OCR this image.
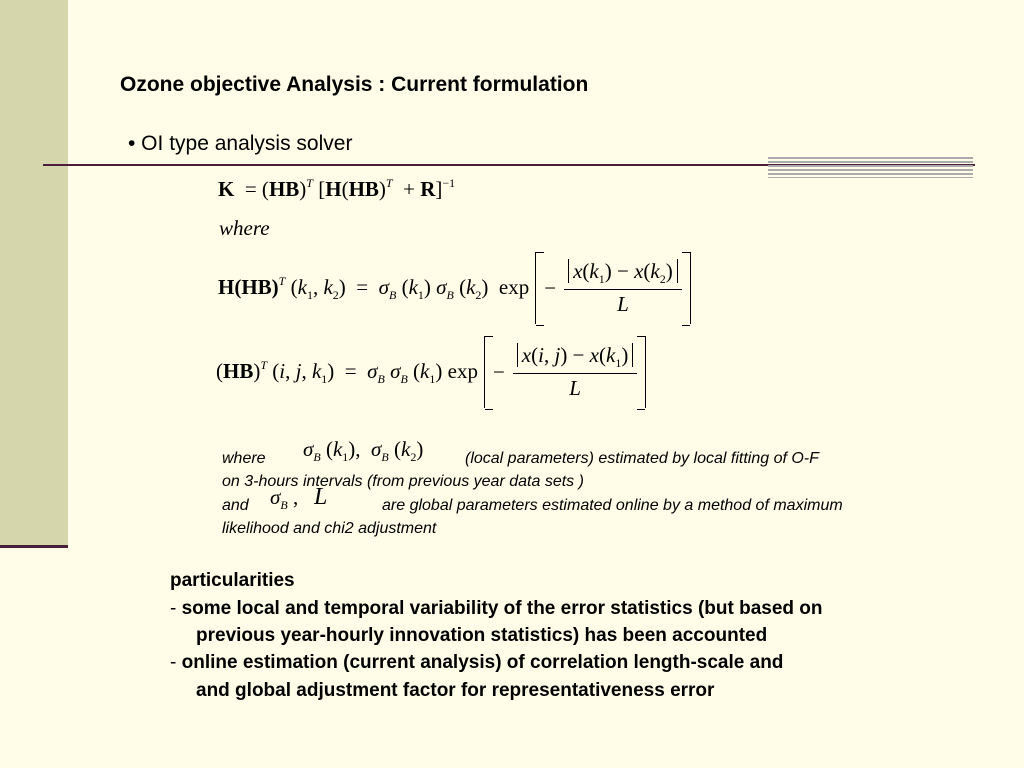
Ozone objective Analysis : Current formulation
• OI type analysis solver
K  = (HB)$^T$ $[H(HB)^T + R]^{-1}$
where
H(HB)$^T$ ($k_1$, $k_2) = \sigma_B$ $(k_1)$ $\sigma_B$ $(k_2) \exp - \frac{x(k_1) - x(k_2)}{L}$
(HB)$^T$ (i, j, $k_1) = \sigma_B$ $\sigma_B$ $(k_1) \exp - \frac{x(i, j) - x(k_1)}{L}$
$\sigma_B$ $(k_1)$,  $\sigma_B$ $(k_2)$
where	(local parameters) estimated by local fitting of O-F
on 3-hours intervals (from previous year data sets )
$\sigma_B$ ,   L
and	are global parameters estimated online by a method of maximum
likelihood and chi2 adjustment
particularities
- some local and temporal variability of the error statistics (but based on
previous year-hourly innovation statistics) has been accounted
- online estimation (current analysis) of correlation length-scale and
and global adjustment factor for representativeness error
